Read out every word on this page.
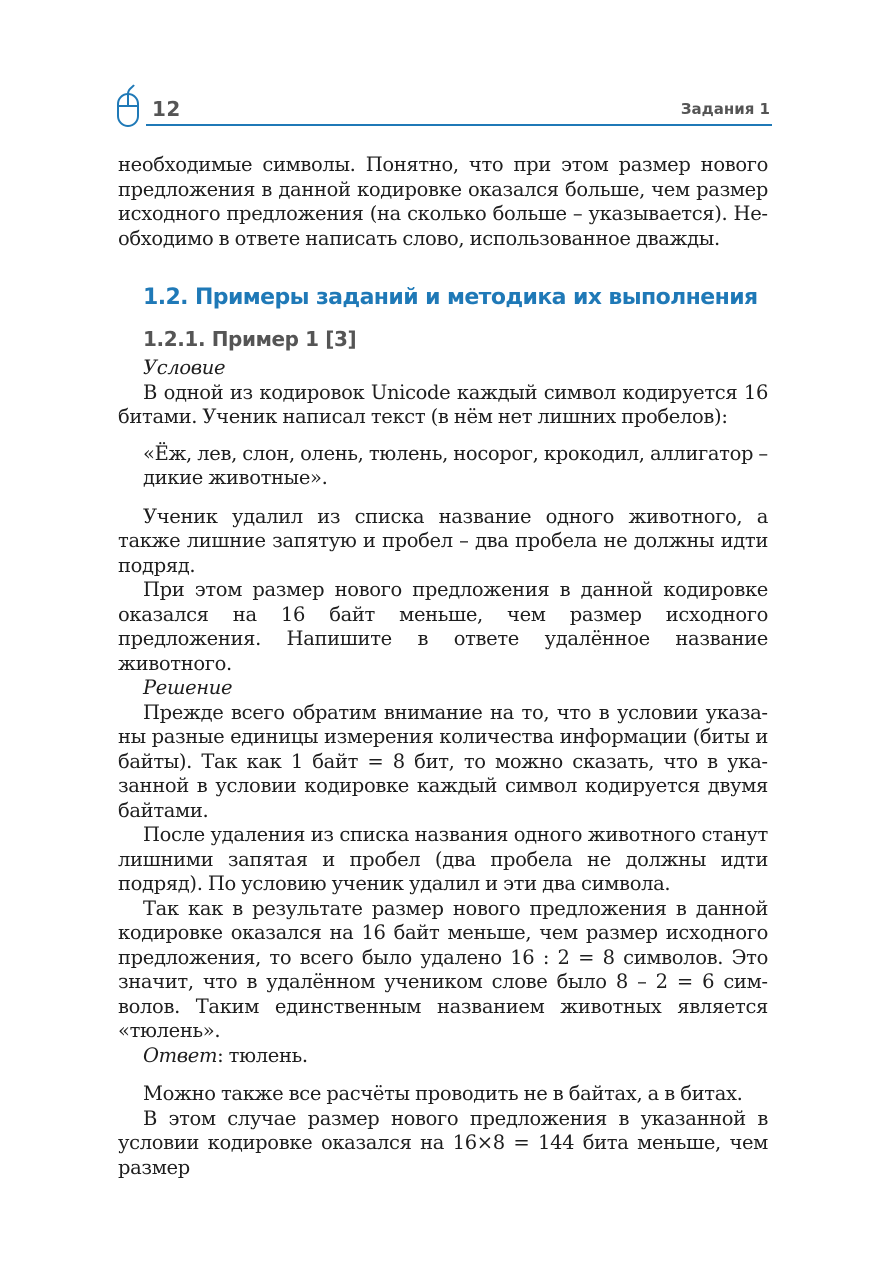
12	Задания 1

необходимые символы. Понятно, что при этом размер нового предложения в данной кодировке оказался больше, чем размер исходного предложения (на сколько больше – указывается). Необходимо в ответе написать слово, использованное дважды.

1.2. Примеры заданий и методика их выполнения
1.2.1. Пример 1 [3]

Условие

В одной из кодировок Unicode каждый символ кодируется 16 битами. Ученик написал текст (в нём нет лишних пробелов):

«Ёж, лев, слон, олень, тюлень, носорог, крокодил, аллигатор – дикие животные».

Ученик удалил из списка название одного животного, а также лишние запятую и пробел – два пробела не должны идти подряд.

При этом размер нового предложения в данной кодировке оказался на 16 байт меньше, чем размер исходного предложения. Напишите в ответе удалённое название животного.

Решение

Прежде всего обратим внимание на то, что в условии указаны разные единицы измерения количества информации (биты и байты). Так как 1 байт = 8 бит, то можно сказать, что в указанной в условии кодировке каждый символ кодируется двумя байтами.

После удаления из списка названия одного животного станут лишними запятая и пробел (два пробела не должны идти подряд). По условию ученик удалил и эти два символа.

Так как в результате размер нового предложения в данной кодировке оказался на 16 байт меньше, чем размер исходного предложения, то всего было удалено 16 : 2 = 8 символов. Это значит, что в удалённом учеником слове было 8 – 2 = 6 символов. Таким единственным названием животных является «тюлень».

Ответ: тюлень.

Можно также все расчёты проводить не в байтах, а в битах.

В этом случае размер нового предложения в указанной в условии кодировке оказался на 16×8 = 144 бита меньше, чем размер
